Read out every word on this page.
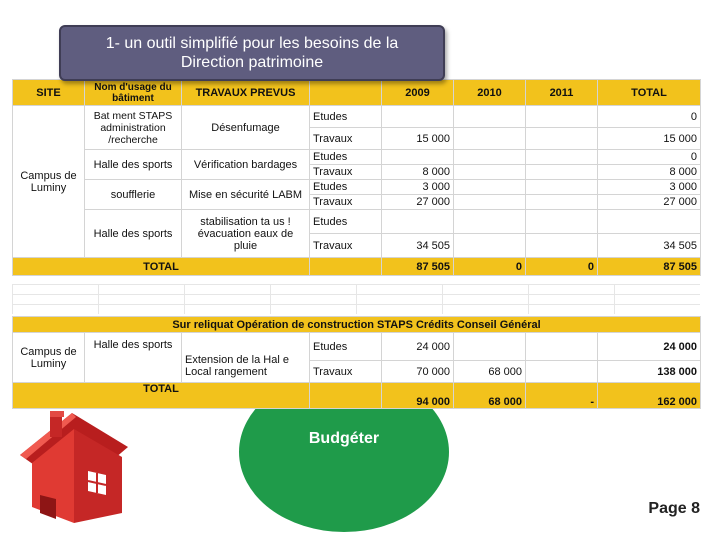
1- un outil simplifié pour les besoins de la
Direction patrimoine
SITE	Nom d'usage du bâtiment	TRAVAUX PREVUS		2009	2010	2011	TOTAL
Campus de Luminy	Bat ment STAPS administration /recherche	Désenfumage	Etudes				0
			Travaux	15 000			15 000
	Halle des sports	Vérification bardages	Etudes				0
			Travaux	8 000			8 000
	soufflerie	Mise en sécurité LABM	Etudes	3 000			3 000
			Travaux	27 000			27 000
	Halle des sports	stabilisation ta us ! évacuation eaux de pluie	Etudes				
			Travaux	34 505			34 505
TOTAL				87 505	0	0	87 505
Sur reliquat Opération de construction STAPS Crédits Conseil Général							
Campus de Luminy	Halle des sports	Extension de la Hal e
Local rangement	Etudes	24 000			24 000
			Travaux	70 000	68 000		138 000
TOTAL				94 000	68 000	-	162 000
Budgéter
Page 8
